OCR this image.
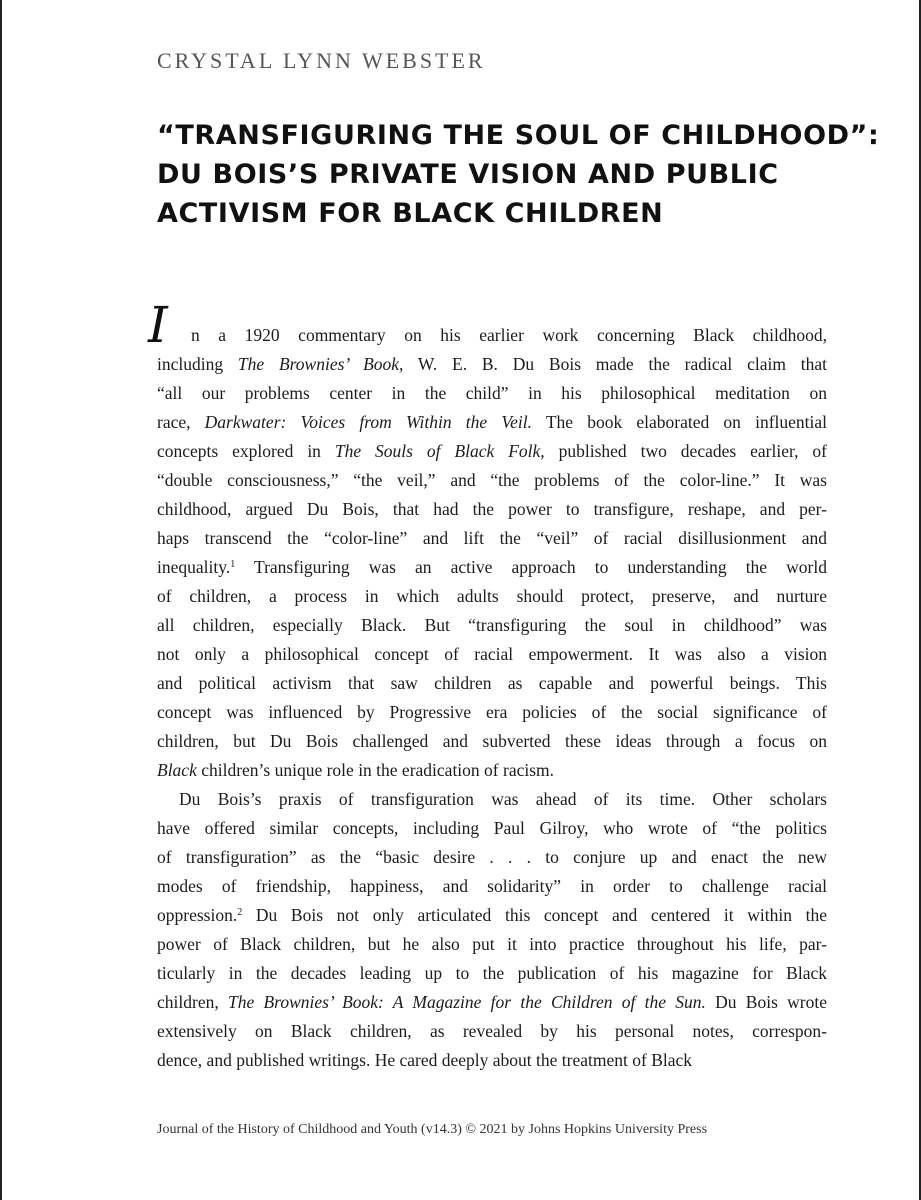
CRYSTAL LYNN WEBSTER
“TRANSFIGURING THE SOUL OF CHILDHOOD”:
DU BOIS’S PRIVATE VISION AND PUBLIC
ACTIVISM FOR BLACK CHILDREN
I	n a 1920 commentary on his earlier work concerning Black childhood,
including The Brownies’ Book, W. E. B. Du Bois made the radical claim that
“all our problems center in the child” in his philosophical meditation on
race, Darkwater: Voices from Within the Veil. The book elaborated on influential
concepts explored in The Souls of Black Folk, published two decades earlier, of
“double consciousness,” “the veil,” and “the problems of the color-line.” It was
childhood, argued Du Bois, that had the power to transfigure, reshape, and per-
haps transcend the “color-line” and lift the “veil” of racial disillusionment and
inequality.$^1$ Transfiguring was an active approach to understanding the world
of children, a process in which adults should protect, preserve, and nurture
all children, especially Black. But “transfiguring the soul in childhood” was
not only a philosophical concept of racial empowerment. It was also a vision
and political activism that saw children as capable and powerful beings. This
concept was influenced by Progressive era policies of the social significance of
children, but Du Bois challenged and subverted these ideas through a focus on
Black children’s unique role in the eradication of racism.
Du Bois’s praxis of transfiguration was ahead of its time. Other scholars
have offered similar concepts, including Paul Gilroy, who wrote of “the politics
of transfiguration” as the “basic desire . . . to conjure up and enact the new
modes of friendship, happiness, and solidarity” in order to challenge racial
oppression.$^2$ Du Bois not only articulated this concept and centered it within the
power of Black children, but he also put it into practice throughout his life, par-
ticularly in the decades leading up to the publication of his magazine for Black
children, The Brownies’ Book: A Magazine for the Children of the Sun. Du Bois wrote
extensively on Black children, as revealed by his personal notes, correspon-
dence, and published writings. He cared deeply about the treatment of Black
Journal of the History of Childhood and Youth (v14.3) © 2021 by Johns Hopkins University Press
